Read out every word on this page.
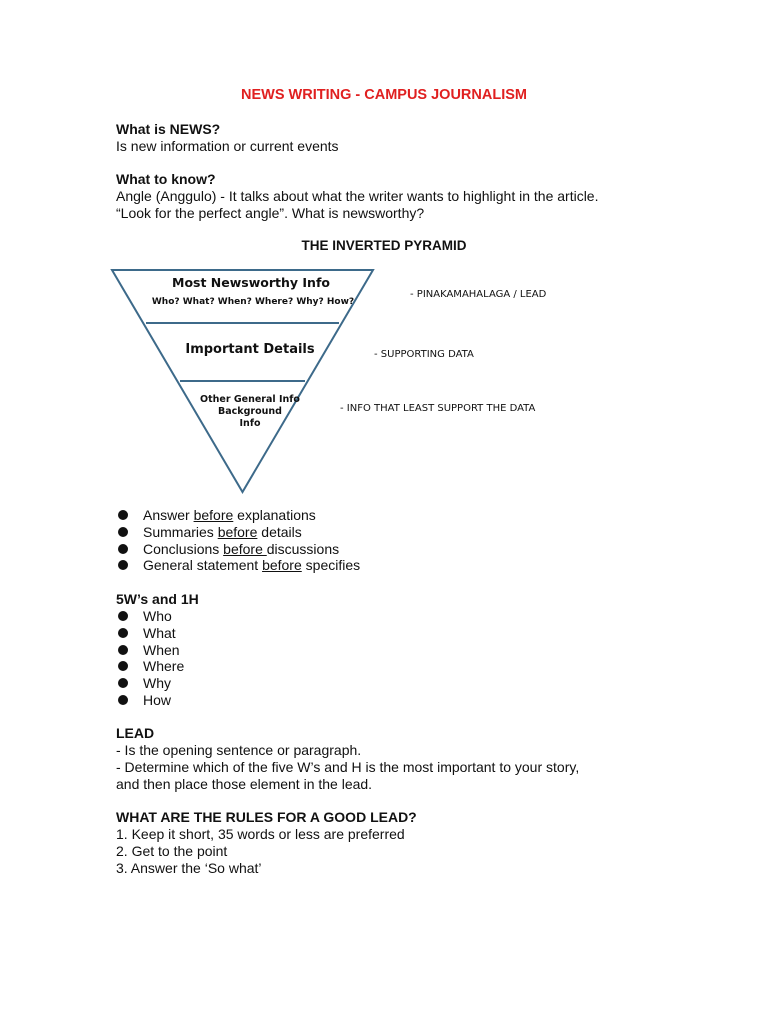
NEWS WRITING - CAMPUS JOURNALISM
What is NEWS?
Is new information or current events
What to know?
Angle (Anggulo) - It talks about what the writer wants to highlight in the article.
“Look for the perfect angle”. What is newsworthy?
THE INVERTED PYRAMID
Most Newsworthy Info
Who? What? When? Where? Why? How?
Important Details
Other General Info
Background
Info
- PINAKAMAHALAGA / LEAD
- SUPPORTING DATA
- INFO THAT LEAST SUPPORT THE DATA
Answer before explanations
Summaries before details
Conclusions before discussions
General statement before specifies
5W’s and 1H
Who
What
When
Where
Why
How
LEAD
- Is the opening sentence or paragraph.
- Determine which of the five W’s and H is the most important to your story,
and then place those element in the lead.
WHAT ARE THE RULES FOR A GOOD LEAD?
1. Keep it short, 35 words or less are preferred
2. Get to the point
3. Answer the ‘So what’
